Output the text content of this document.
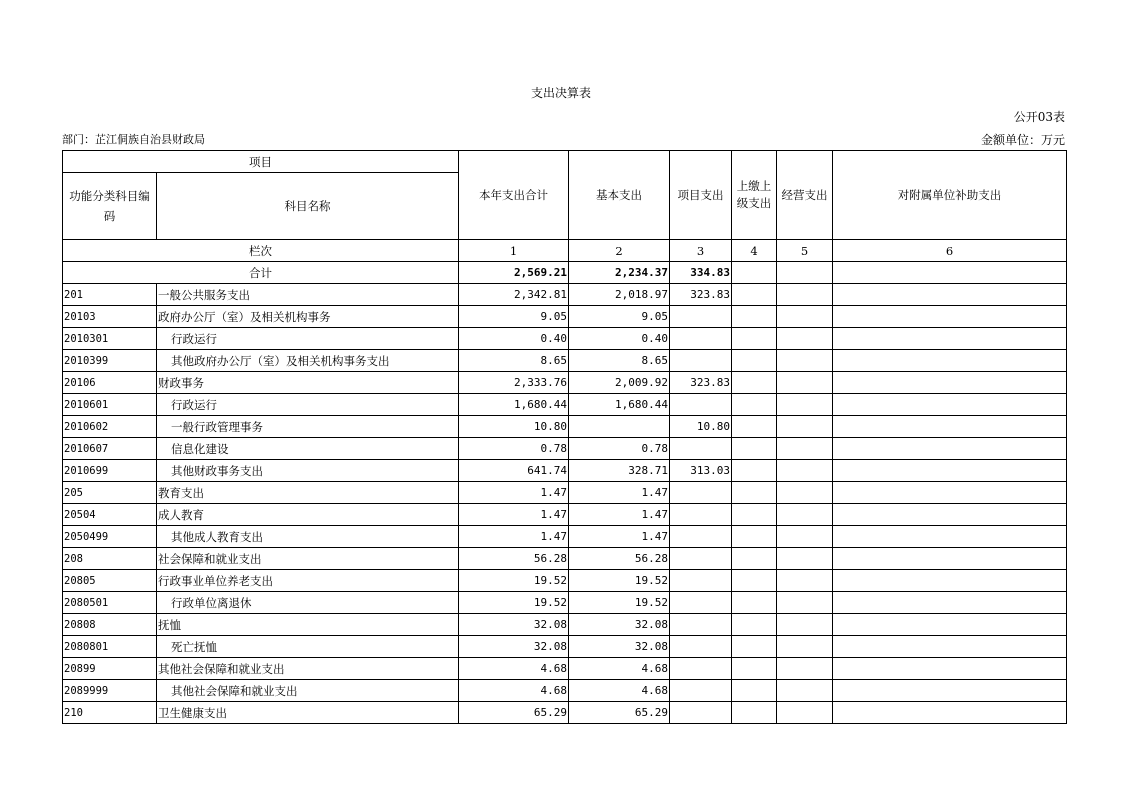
支出决算表
公开03表
部门：芷江侗族自治县财政局	金额单位：万元
项目		本年支出合计	基本支出	项目支出	上缴上级支出	经营支出	对附属单位补助支出
功能分类科目编码	科目名称						
栏次		1	2	3	4	5	6
合计		2,569.21	2,234.37	334.83			
201	一般公共服务支出	2,342.81	2,018.97	323.83			
20103	政府办公厅（室）及相关机构事务	9.05	9.05				
2010301	行政运行	0.40	0.40				
2010399	其他政府办公厅（室）及相关机构事务支出	8.65	8.65				
20106	财政事务	2,333.76	2,009.92	323.83			
2010601	行政运行	1,680.44	1,680.44				
2010602	一般行政管理事务	10.80		10.80			
2010607	信息化建设	0.78	0.78				
2010699	其他财政事务支出	641.74	328.71	313.03			
205	教育支出	1.47	1.47				
20504	成人教育	1.47	1.47				
2050499	其他成人教育支出	1.47	1.47				
208	社会保障和就业支出	56.28	56.28				
20805	行政事业单位养老支出	19.52	19.52				
2080501	行政单位离退休	19.52	19.52				
20808	抚恤	32.08	32.08				
2080801	死亡抚恤	32.08	32.08				
20899	其他社会保障和就业支出	4.68	4.68				
2089999	其他社会保障和就业支出	4.68	4.68				
210	卫生健康支出	65.29	65.29				
